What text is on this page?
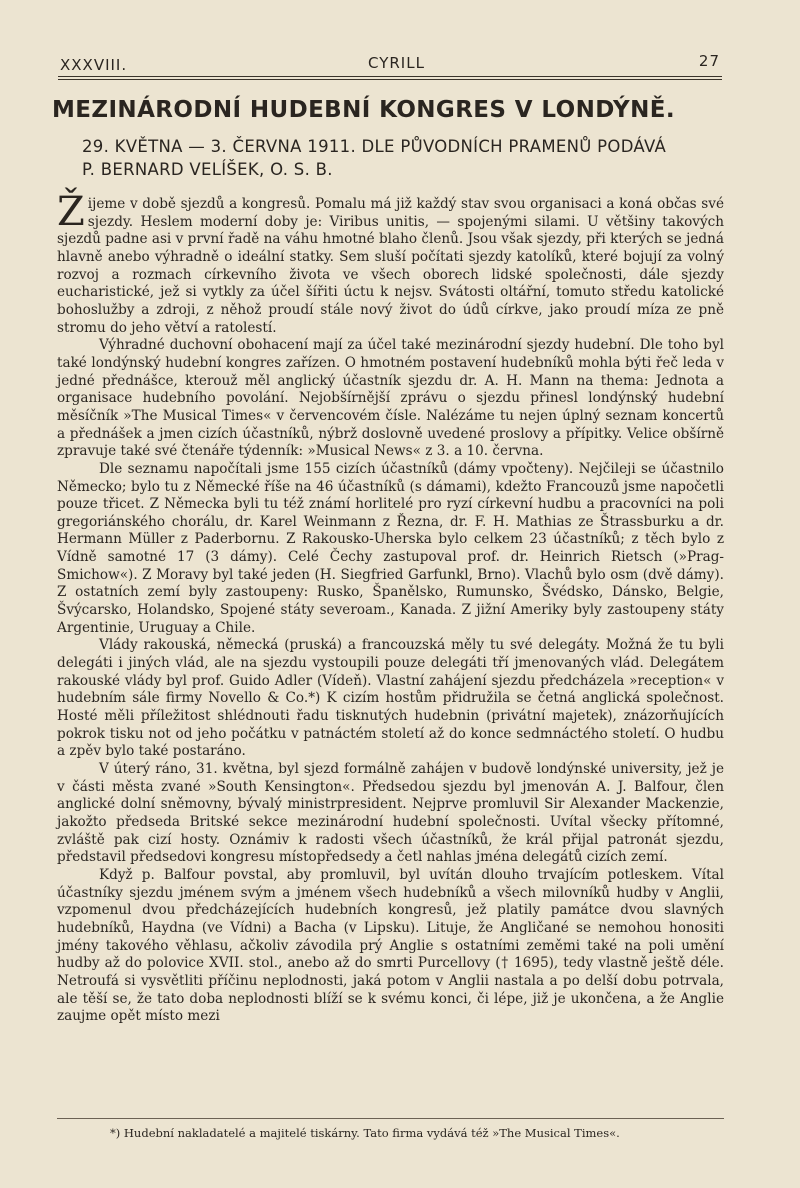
XXXVIII.	CYRILL	27
MEZINÁRODNÍ HUDEBNÍ KONGRES V LONDÝNĚ.
29. KVĚTNA — 3. ČERVNA 1911. DLE PŮVODNÍCH PRAMENŮ PODÁVÁ
P. BERNARD VELÍŠEK, O. S. B.

Žijeme v době sjezdů a kongresů. Pomalu má již každý stav svou organisaci a koná občas své sjezdy. Heslem moderní doby je: Viribus unitis, — spojenými silami. U většiny takových sjezdů padne asi v první řadě na váhu hmotné blaho členů. Jsou však sjezdy, při kterých se jedná hlavně anebo výhradně o ideální statky. Sem sluší počítati sjezdy katolíků, které bojují za volný rozvoj a rozmach církevního života ve všech oborech lidské společnosti, dále sjezdy eucharistické, jež si vytkly za účel šířiti úctu k nejsv. Svátosti oltářní, tomuto středu katolické bohoslužby a zdroji, z něhož proudí stále nový život do údů církve, jako proudí míza ze pně stromu do jeho větví a ratolestí.

Výhradné duchovní obohacení mají za účel také mezinárodní sjezdy hudební. Dle toho byl také londýnský hudební kongres zařízen. O hmotném postavení hudebníků mohla býti řeč leda v jedné přednášce, kterouž měl anglický účastník sjezdu dr. A. H. Mann na thema: Jednota a organisace hudebního povolání. Nejobšírnější zprávu o sjezdu přinesl londýnský hudební měsíčník »The Musical Times« v červencovém čísle. Nalézáme tu nejen úplný seznam koncertů a přednášek a jmen cizích účastníků, nýbrž doslovně uvedené proslovy a přípitky. Velice obšírně zpravuje také své čtenáře týdenník: »Musical News« z 3. a 10. června.

Dle seznamu napočítali jsme 155 cizích účastníků (dámy vpočteny). Nejčileji se účastnilo Německo; bylo tu z Německé říše na 46 účastníků (s dámami), kdežto Francouzů jsme napočetli pouze třicet. Z Německa byli tu též známí horlitelé pro ryzí církevní hudbu a pracovníci na poli gregoriánského chorálu, dr. Karel Weinmann z Řezna, dr. F. H. Mathias ze Štrassburku a dr. Hermann Müller z Paderbornu. Z Rakousko-Uherska bylo celkem 23 účastníků; z těch bylo z Vídně samotné 17 (3 dámy). Celé Čechy zastupoval prof. dr. Heinrich Rietsch (»Prag-Smichow«). Z Moravy byl také jeden (H. Siegfried Garfunkl, Brno). Vlachů bylo osm (dvě dámy). Z ostatních zemí byly zastoupeny: Rusko, Španělsko, Rumunsko, Švédsko, Dánsko, Belgie, Švýcarsko, Holandsko, Spojené státy severoam., Kanada. Z jižní Ameriky byly zastoupeny státy Argentinie, Uruguay a Chile.

Vlády rakouská, německá (pruská) a francouzská měly tu své delegáty. Možná že tu byli delegáti i jiných vlád, ale na sjezdu vystoupili pouze delegáti tří jmenovaných vlád. Delegátem rakouské vlády byl prof. Guido Adler (Vídeň). Vlastní zahájení sjezdu předcházela »reception« v hudebním sále firmy Novello & Co.*) K cizím hostům přidružila se četná anglická společnost. Hosté měli příležitost shlédnouti řadu tisknutých hudebnin (privátní majetek), znázorňujících pokrok tisku not od jeho počátku v patnáctém století až do konce sedmnáctého století. O hudbu a zpěv bylo také postaráno.

V úterý ráno, 31. května, byl sjezd formálně zahájen v budově londýnské university, jež je v části města zvané »South Kensington«. Předsedou sjezdu byl jmenován A. J. Balfour, člen anglické dolní sněmovny, bývalý ministrpresident. Nejprve promluvil Sir Alexander Mackenzie, jakožto předseda Britské sekce mezinárodní hudební společnosti. Uvítal všecky přítomné, zvláště pak cizí hosty. Oznámiv k radosti všech účastníků, že král přijal patronát sjezdu, představil předsedovi kongresu místopředsedy a četl nahlas jména delegátů cizích zemí.

Když p. Balfour povstal, aby promluvil, byl uvítán dlouho trvajícím potleskem. Vítal účastníky sjezdu jménem svým a jménem všech hudebníků a všech milovníků hudby v Anglii, vzpomenul dvou předcházejících hudebních kongresů, jež platily památce dvou slavných hudebníků, Haydna (ve Vídni) a Bacha (v Lipsku). Lituje, že Angličané se nemohou honositi jmény takového věhlasu, ačkoliv závodila prý Anglie s ostatními zeměmi také na poli umění hudby až do polovice XVII. stol., anebo až do smrti Purcellovy († 1695), tedy vlastně ještě déle. Netroufá si vysvětliti příčinu neplodnosti, jaká potom v Anglii nastala a po delší dobu potrvala, ale těší se, že tato doba neplodnosti blíží se k svému konci, či lépe, již je ukončena, a že Anglie zaujme opět místo mezi

*) Hudební nakladatelé a majitelé tiskárny. Tato firma vydává též »The Musical Times«.
